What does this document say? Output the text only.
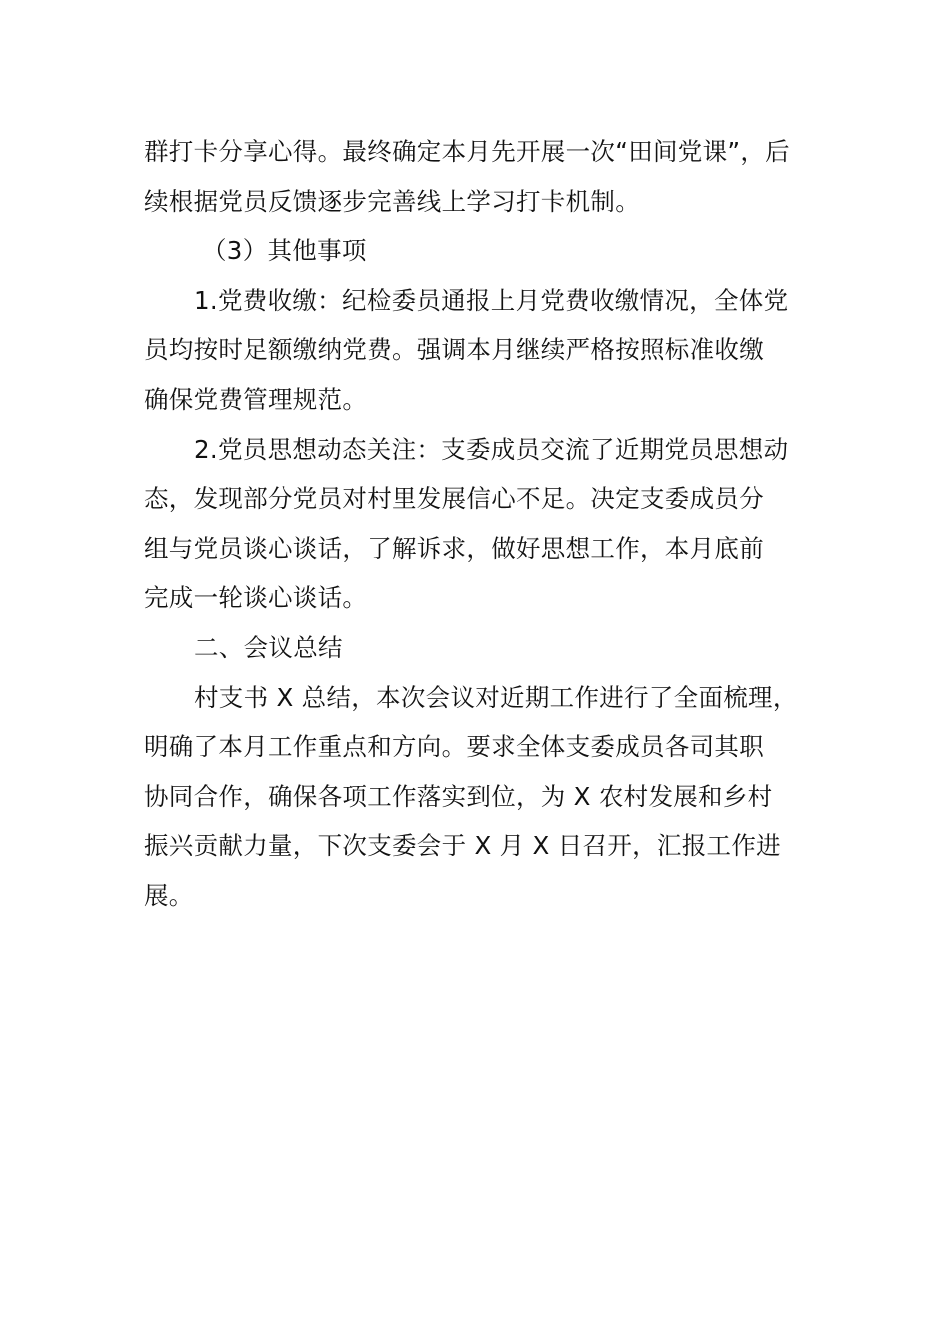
群打卡分享心得。最终确定本月先开展一次“田间党课”，后
续根据党员反馈逐步完善线上学习打卡机制。
（3）其他事项
1.党费收缴：纪检委员通报上月党费收缴情况，全体党
员均按时足额缴纳党费。强调本月继续严格按照标准收缴
确保党费管理规范。
2.党员思想动态关注：支委成员交流了近期党员思想动
态，发现部分党员对村里发展信心不足。决定支委成员分
组与党员谈心谈话，了解诉求，做好思想工作，本月底前
完成一轮谈心谈话。
二、会议总结
村支书 X 总结，本次会议对近期工作进行了全面梳理，
明确了本月工作重点和方向。要求全体支委成员各司其职
协同合作，确保各项工作落实到位，为 X 农村发展和乡村
振兴贡献力量，下次支委会于 X 月 X 日召开，汇报工作进
展。
